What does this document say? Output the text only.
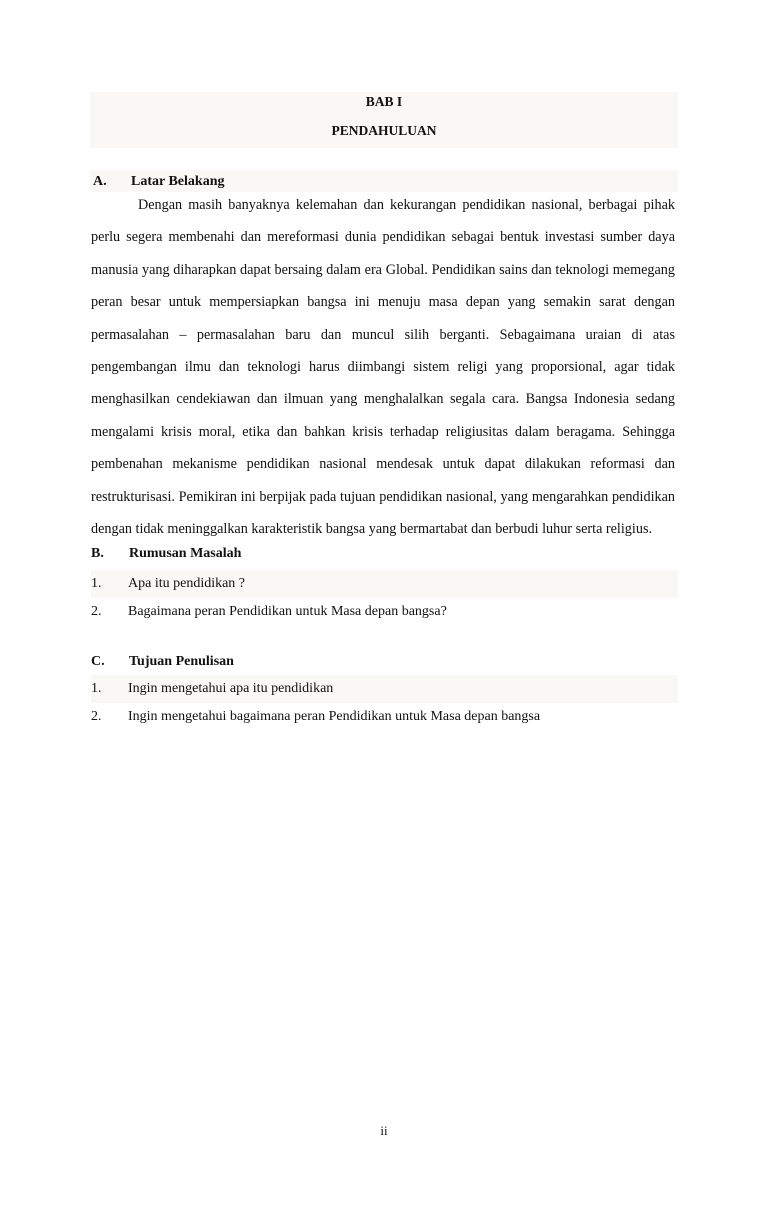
BAB I
PENDAHULUAN
A. Latar Belakang

Dengan masih banyaknya kelemahan dan kekurangan pendidikan nasional, berbagai pihak perlu segera membenahi dan mereformasi dunia pendidikan sebagai bentuk investasi sumber daya manusia yang diharapkan dapat bersaing dalam era Global. Pendidikan sains dan teknologi memegang peran besar untuk mempersiapkan bangsa ini menuju masa depan yang semakin sarat dengan permasalahan – permasalahan baru dan muncul silih berganti. Sebagaimana uraian di atas pengembangan ilmu dan teknologi harus diimbangi sistem religi yang proporsional, agar tidak menghasilkan cendekiawan dan ilmuan yang menghalalkan segala cara. Bangsa Indonesia sedang mengalami krisis moral, etika dan bahkan krisis terhadap religiusitas dalam beragama. Sehingga pembenahan mekanisme pendidikan nasional mendesak untuk dapat dilakukan reformasi dan restrukturisasi. Pemikiran ini berpijak pada tujuan pendidikan nasional, yang mengarahkan pendidikan dengan tidak meninggalkan karakteristik bangsa yang bermartabat dan berbudi luhur serta religius.

B. Rumusan Masalah
1. Apa itu pendidikan ?
2. Bagaimana peran Pendidikan untuk Masa depan bangsa?
C. Tujuan Penulisan
1. Ingin mengetahui apa itu pendidikan
2. Ingin mengetahui bagaimana peran Pendidikan untuk Masa depan bangsa
ii
